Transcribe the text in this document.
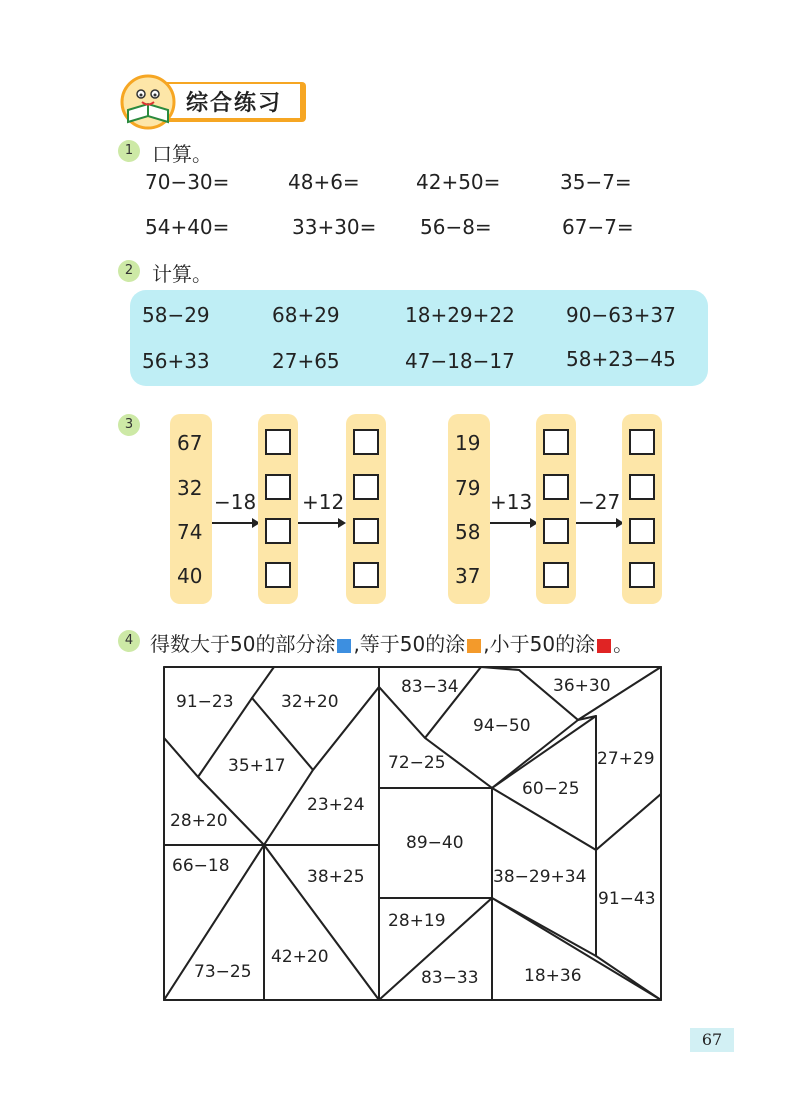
综合练习
1 口算。
70−30=	48+6=	42+50=	35−7=
54+40=	33+30= 56−8=	67−7=
2 计算。
58−29	68+29	18+29+22	90−63+37
56+33	27+65	47−18−17	58+23−45
3
67
32
74
40
−18 +12
19
79
58
37
+13 −27
4 得数大于50的部分涂 ,等于50的涂 ,小于50的涂 。
91−23	32+20
35+17
28+20
23+24
66−18
38+25
73−25
42+20
83−34	36+30
94−50
72−25	27+29
60−25
89−40
38−29+34
91−43
28+19
83−33	18+36
67
